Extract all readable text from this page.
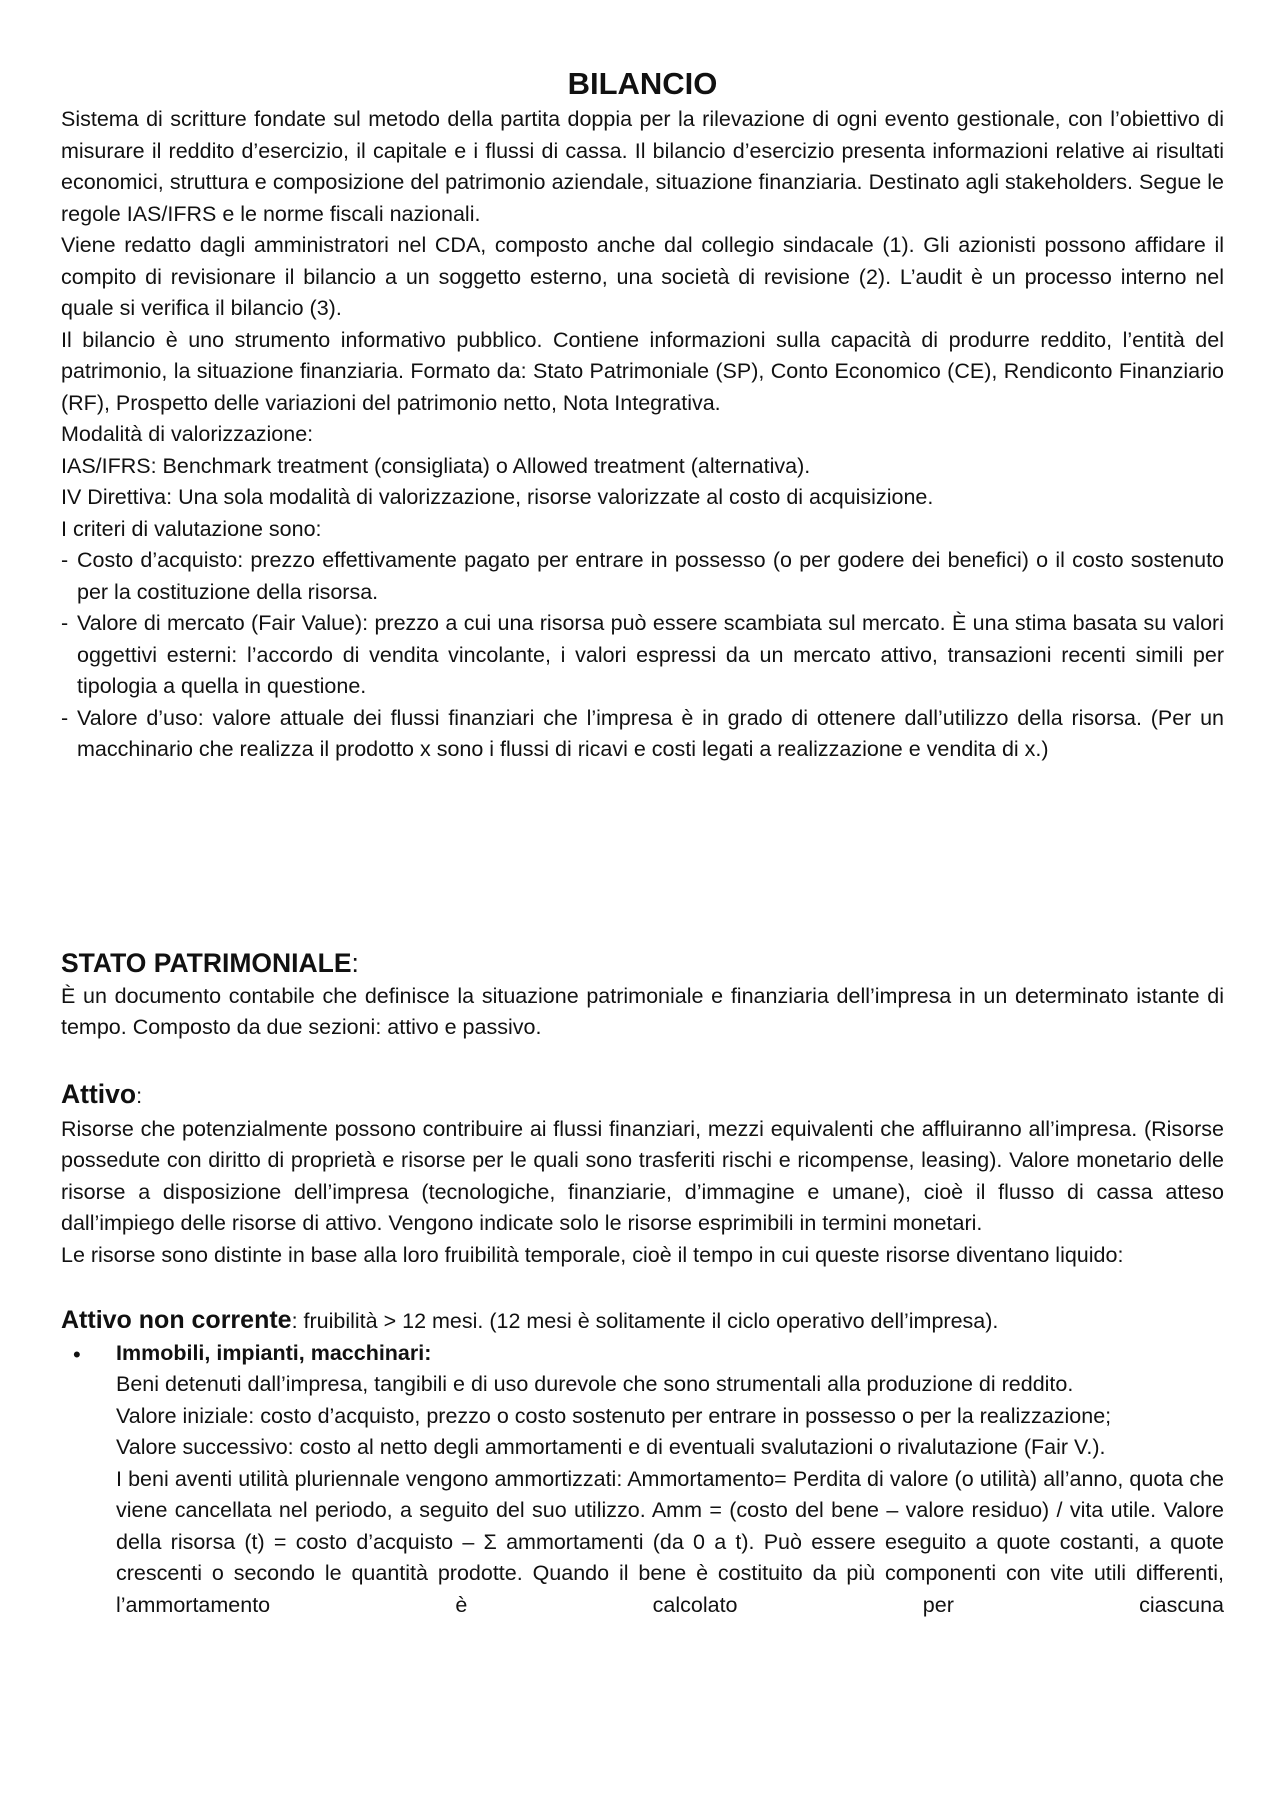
BILANCIO

Sistema di scritture fondate sul metodo della partita doppia per la rilevazione di ogni evento gestionale, con l’obiettivo di misurare il reddito d’esercizio, il capitale e i flussi di cassa. Il bilancio d’esercizio presenta informazioni relative ai risultati economici, struttura e composizione del patrimonio aziendale, situazione finanziaria. Destinato agli stakeholders. Segue le regole IAS/IFRS e le norme fiscali nazionali.

Viene redatto dagli amministratori nel CDA, composto anche dal collegio sindacale (1). Gli azionisti possono affidare il compito di revisionare il bilancio a un soggetto esterno, una società di revisione (2). L’audit è un processo interno nel quale si verifica il bilancio (3).

Il bilancio è uno strumento informativo pubblico. Contiene informazioni sulla capacità di produrre reddito, l’entità del patrimonio, la situazione finanziaria. Formato da: Stato Patrimoniale (SP), Conto Economico (CE), Rendiconto Finanziario (RF), Prospetto delle variazioni del patrimonio netto, Nota Integrativa.

Modalità di valorizzazione:

IAS/IFRS: Benchmark treatment (consigliata) o Allowed treatment (alternativa).

IV Direttiva: Una sola modalità di valorizzazione, risorse valorizzate al costo di acquisizione.

I criteri di valutazione sono:

- Costo d’acquisto: prezzo effettivamente pagato per entrare in possesso (o per godere dei benefici) o il costo sostenuto per la costituzione della risorsa.
- Valore di mercato (Fair Value): prezzo a cui una risorsa può essere scambiata sul mercato. È una stima basata su valori oggettivi esterni: l’accordo di vendita vincolante, i valori espressi da un mercato attivo, transazioni recenti simili per tipologia a quella in questione.
- Valore d’uso: valore attuale dei flussi finanziari che l’impresa è in grado di ottenere dall’utilizzo della risorsa. (Per un macchinario che realizza il prodotto x sono i flussi di ricavi e costi legati a realizzazione e vendita di x.)
STATO PATRIMONIALE:

È un documento contabile che definisce la situazione patrimoniale e finanziaria dell’impresa in un determinato istante di tempo. Composto da due sezioni: attivo e passivo.

Attivo:

Risorse che potenzialmente possono contribuire ai flussi finanziari, mezzi equivalenti che affluiranno all’impresa. (Risorse possedute con diritto di proprietà e risorse per le quali sono trasferiti rischi e ricompense, leasing). Valore monetario delle risorse a disposizione dell’impresa (tecnologiche, finanziarie, d’immagine e umane), cioè il flusso di cassa atteso dall’impiego delle risorse di attivo. Vengono indicate solo le risorse esprimibili in termini monetari.

Le risorse sono distinte in base alla loro fruibilità temporale, cioè il tempo in cui queste risorse diventano liquido:

Attivo non corrente: fruibilità > 12 mesi. (12 mesi è solitamente il ciclo operativo dell’impresa).
• Immobili, impianti, macchinari:

Beni detenuti dall’impresa, tangibili e di uso durevole che sono strumentali alla produzione di reddito.

Valore iniziale: costo d’acquisto, prezzo o costo sostenuto per entrare in possesso o per la realizzazione;

Valore successivo: costo al netto degli ammortamenti e di eventuali svalutazioni o rivalutazione (Fair V.).

I beni aventi utilità pluriennale vengono ammortizzati: Ammortamento= Perdita di valore (o utilità) all’anno, quota che viene cancellata nel periodo, a seguito del suo utilizzo. Amm = (costo del bene – valore residuo) / vita utile. Valore della risorsa (t) = costo d’acquisto – Σ ammortamenti (da 0 a t). Può essere eseguito a quote costanti, a quote crescenti o secondo le quantità prodotte. Quando il bene è costituito da più componenti con vite utili differenti, l’ammortamento è calcolato per ciascuna
